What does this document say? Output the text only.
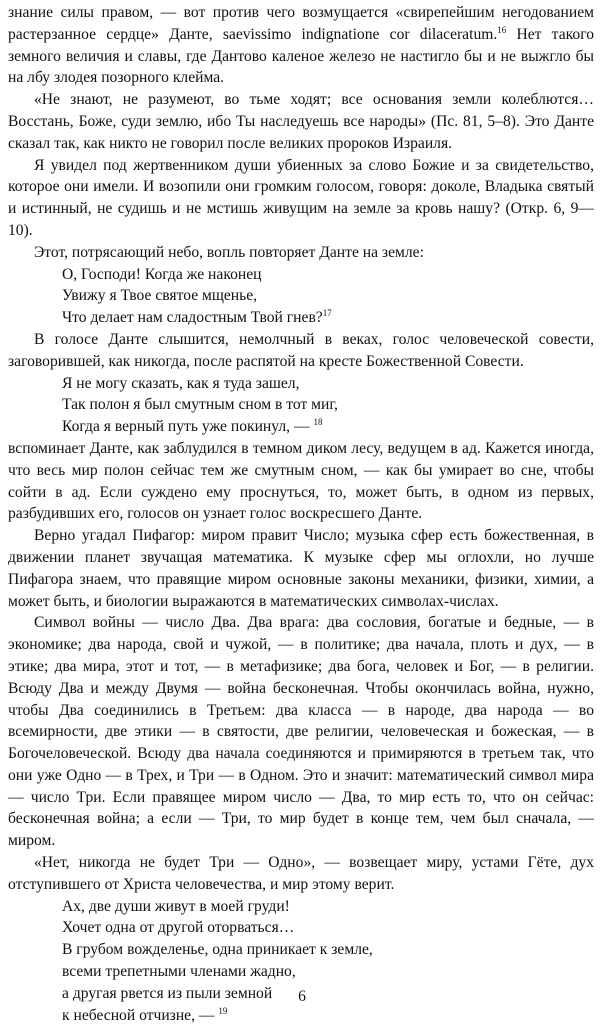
знание силы правом, — вот против чего возмущается «свирепейшим негодованием растерзанное сердце» Данте, saevissimo indignatione cor dilaceratum.$^{16}$ Нет такого земного величия и славы, где Дантово каленое железо не настигло бы и не выжгло бы на лбу злодея позорного клейма.

«Не знают, не разумеют, во тьме ходят; все основания земли колеблются… Восстань, Боже, суди землю, ибо Ты наследуешь все народы» (Пс. 81, 5–8). Это Данте сказал так, как никто не говорил после великих пророков Израиля.

Я увидел под жертвенником души убиенных за слово Божие и за свидетельство, которое они имели. И возопили они громким голосом, говоря: доколе, Владыка святый и истинный, не судишь и не мстишь живущим на земле за кровь нашу? (Откр. 6, 9—10).

Этот, потрясающий небо, вопль повторяет Данте на земле:

О, Господи! Когда же наконец
Увижу я Твое святое мщенье,
Что делает нам сладостным Твой гнев?$^{17}$

В голосе Данте слышится, немолчный в веках, голос человеческой совести, заговорившей, как никогда, после распятой на кресте Божественной Совести.

Я не могу сказать, как я туда зашел,
Так полон я был смутным сном в тот миг,
Когда я верный путь уже покинул, — $^{18}$

вспоминает Данте, как заблудился в темном диком лесу, ведущем в ад. Кажется иногда, что весь мир полон сейчас тем же смутным сном, — как бы умирает во сне, чтобы сойти в ад. Если суждено ему проснуться, то, может быть, в одном из первых, разбудивших его, голосов он узнает голос воскресшего Данте.

Верно угадал Пифагор: миром правит Число; музыка сфер есть божественная, в движении планет звучащая математика. К музыке сфер мы оглохли, но лучше Пифагора знаем, что правящие миром основные законы механики, физики, химии, а может быть, и биологии выражаются в математических символах-числах.

Символ войны — число Два. Два врага: два сословия, богатые и бедные, — в экономике; два народа, свой и чужой, — в политике; два начала, плоть и дух, — в этике; два мира, этот и тот, — в метафизике; два бога, человек и Бог, — в религии. Всюду Два и между Двумя — война бесконечная. Чтобы окончилась война, нужно, чтобы Два соединились в Третьем: два класса — в народе, два народа — во всемирности, две этики — в святости, две религии, человеческая и божеская, — в Богочеловеческой. Всюду два начала соединяются и примиряются в третьем так, что они уже Одно — в Трех, и Три — в Одном. Это и значит: математический символ мира — число Три. Если правящее миром число — Два, то мир есть то, что он сейчас: бесконечная война; а если — Три, то мир будет в конце тем, чем был сначала, — миром.

«Нет, никогда не будет Три — Одно», — возвещает миру, устами Гёте, дух отступившего от Христа человечества, и мир этому верит.

Ах, две души живут в моей груди!
Хочет одна от другой оторваться…
В грубом вожделенье, одна приникает к земле,
всеми трепетными членами жадно,
а другая рвется из пыли земной
к небесной отчизне, — $^{19}$
6
